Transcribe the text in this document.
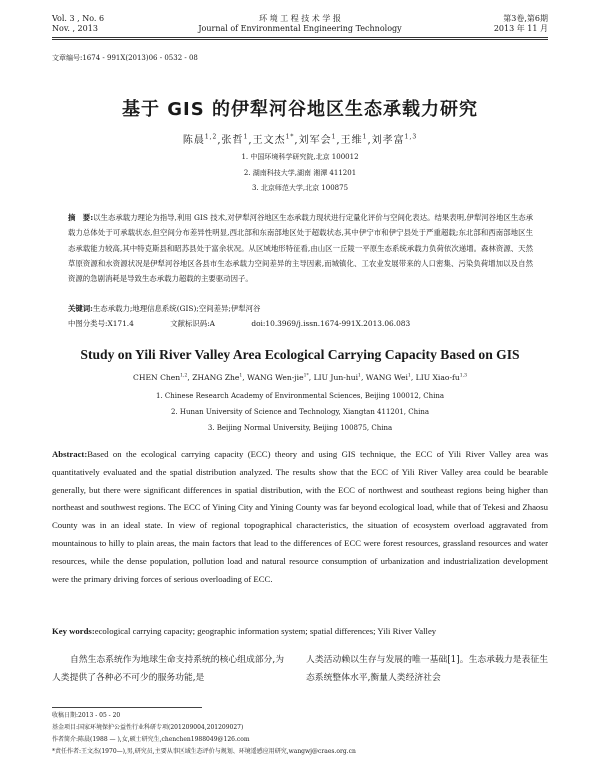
Vol. 3 , No. 6
Nov. , 2013
环 境 工 程 技 术 学 报
Journal of Environmental Engineering Technology
第3卷,第6期
2013 年 11 月
文章编号:1674 - 991X(2013)06 - 0532 - 08
基于 GIS 的伊犁河谷地区生态承载力研究
陈晨$^{1,2}$,张哲$^1$,王文杰$^{1*}$,刘军会$^1$,王维$^1$,刘孝富$^{1,3}$
1. 中国环境科学研究院,北京 100012
2. 湖南科技大学,湖南 湘潭 411201
3. 北京师范大学,北京 100875
摘　要:以生态承载力理论为指导,利用 GIS 技术,对伊犁河谷地区生态承载力现状进行定量化评价与空间化表达。结果表明,伊犁河谷地区生态承载力总体处于可承载状态,但空间分布差异性明显,西北部和东南部地区处于超载状态,其中伊宁市和伊宁县处于严重超载;东北部和西南部地区生态承载能力较高,其中特克斯县和昭苏县处于富余状况。从区域地形特征看,由山区一丘陵一平原生态系统承载力负荷依次递增。森林资源、天然草原资源和水资源状况是伊犁河谷地区各县市生态承载力空间差异的主导因素,而城镇化、工农业发展带来的人口密集、污染负荷增加以及自然资源的急剧消耗是导致生态承载力超载的主要驱动因子。
关键词:生态承载力;地理信息系统(GIS);空间差异;伊犁河谷
中图分类号:X171.4	文献标识码:A	doi:10.3969/j.issn.1674-991X.2013.06.083
Study on Yili River Valley Area Ecological Carrying Capacity Based on GIS
CHEN Chen$^{1,2}$, ZHANG Zhe$^1$, WANG Wen-jie$^{1*}$, LIU Jun-hui$^1$, WANG Wei$^1$, LIU Xiao-fu$^{1,3}$
1. Chinese Research Academy of Environmental Sciences, Beijing 100012, China
2. Hunan University of Science and Technology, Xiangtan 411201, China
3. Beijing Normal University, Beijing 100875, China
Abstract:Based on the ecological carrying capacity (ECC) theory and using GIS technique, the ECC of Yili River Valley area was quantitatively evaluated and the spatial distribution analyzed. The results show that the ECC of Yili River Valley area could be bearable generally, but there were significant differences in spatial distribution, with the ECC of northwest and southeast regions being higher than northeast and southwest regions. The ECC of Yining City and Yining County was far beyond ecological load, while that of Tekesi and Zhaosu County was in an ideal state. In view of regional topographical characteristics, the situation of ecosystem overload aggravated from mountainous to hilly to plain areas, the main factors that lead to the differences of ECC were forest resources, grassland resources and water resources, while the dense population, pollution load and natural resource consumption of urbanization and industrialization development were the primary driving forces of serious overloading of ECC.
Key words:ecological carrying capacity; geographic information system; spatial differences; Yili River Valley
自然生态系统作为地球生命支持系统的核心组成部分,为人类提供了各种必不可少的服务功能,是
人类活动赖以生存与发展的唯一基础[1]。生态承载力是表征生态系统整体水平,衡量人类经济社会
收稿日期:2013 - 05 - 20
基金项目:国家环境保护公益性行业科研专项(201209004,201209027)
作者简介:陈晨(1988 — ),女,硕士研究生,chenchen1988049@126.com
*责任作者:王文杰(1970—),男,研究员,主要从事区域生态评价与规划、环境遥感应用研究,wangwj@craes.org.cn
